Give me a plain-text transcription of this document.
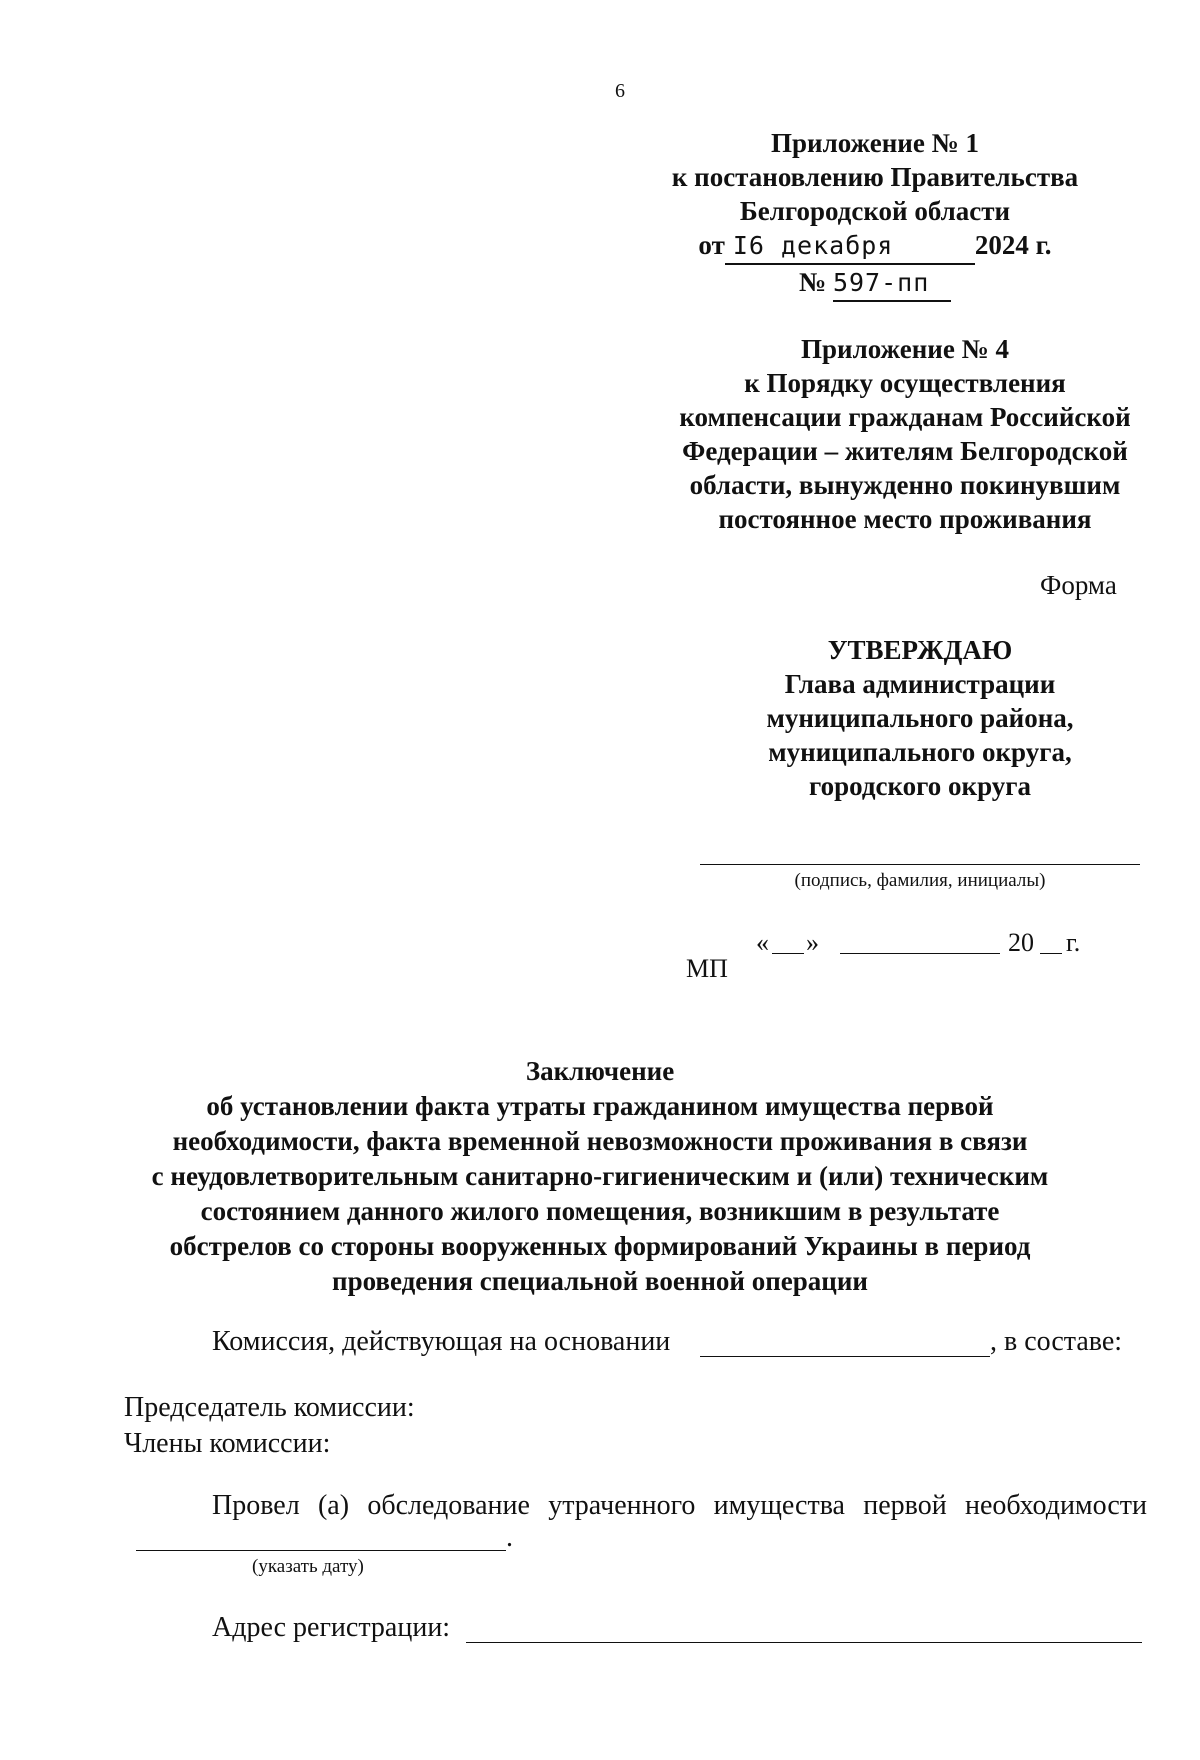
6
Приложение № 1
к постановлению Правительства
Белгородской области
от I6 декабря	2024 г.
№ 597-пп
Приложение № 4
к Порядку осуществления
компенсации гражданам Российской
Федерации – жителям Белгородской
области, вынужденно покинувшим
постоянное место проживания
Форма
УТВЕРЖДАЮ
Глава администрации
муниципального района,
муниципального округа,
городского округа
(подпись, фамилия, инициалы)
« »	20 г.
МП
Заключение
об установлении факта утраты гражданином имущества первой
необходимости, факта временной невозможности проживания в связи
с неудовлетворительным санитарно-гигиеническим и (или) техническим
состоянием данного жилого помещения, возникшим в результате
обстрелов со стороны вооруженных формирований Украины в период
проведения специальной военной операции
Комиссия, действующая на основании	, в составе:
Председатель комиссии:
Члены комиссии:
Провел (а) обследование утраченного имущества первой необходимости
.
(указать дату)
Адрес регистрации:
